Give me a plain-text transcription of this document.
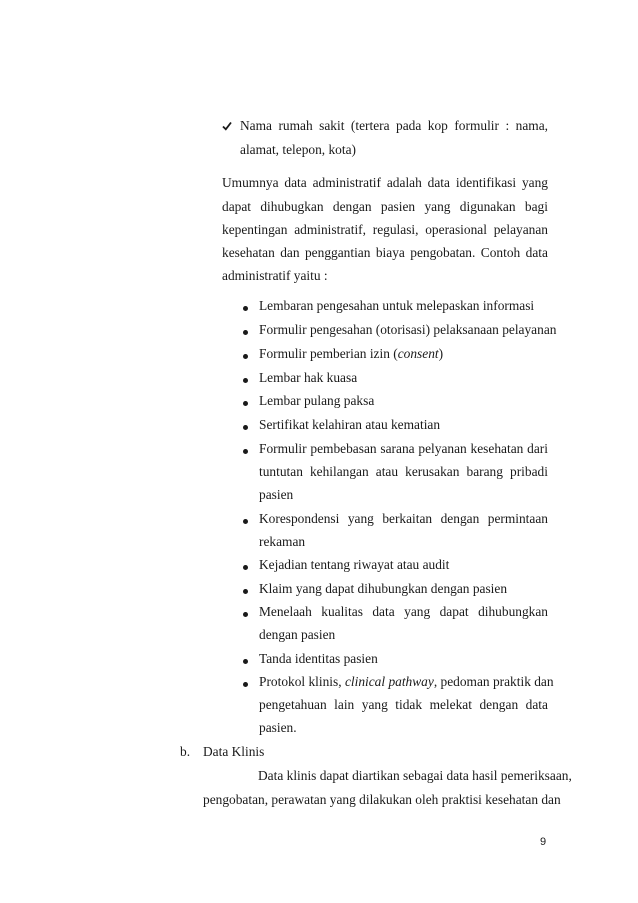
Nama rumah sakit (tertera pada kop formulir : nama,
alamat, telepon, kota)
Umumnya data administratif adalah data identifikasi yang
dapat dihubugkan dengan pasien yang digunakan bagi
kepentingan administratif, regulasi, operasional pelayanan
kesehatan dan penggantian biaya pengobatan. Contoh data
administratif yaitu :
Lembaran pengesahan untuk melepaskan informasi
Formulir pengesahan (otorisasi) pelaksanaan pelayanan
Formulir pemberian izin (consent)
Lembar hak kuasa
Lembar pulang paksa
Sertifikat kelahiran atau kematian
Formulir pembebasan sarana pelyanan kesehatan dari
tuntutan kehilangan atau kerusakan barang pribadi
pasien
Korespondensi yang berkaitan dengan permintaan
rekaman
Kejadian tentang riwayat atau audit
Klaim yang dapat dihubungkan dengan pasien
Menelaah kualitas data yang dapat dihubungkan
dengan pasien
Tanda identitas pasien
Protokol klinis, clinical pathway, pedoman praktik dan
pengetahuan lain yang tidak melekat dengan data
pasien.
b. Data Klinis
Data klinis dapat diartikan sebagai data hasil pemeriksaan,
pengobatan, perawatan yang dilakukan oleh praktisi kesehatan dan
9
